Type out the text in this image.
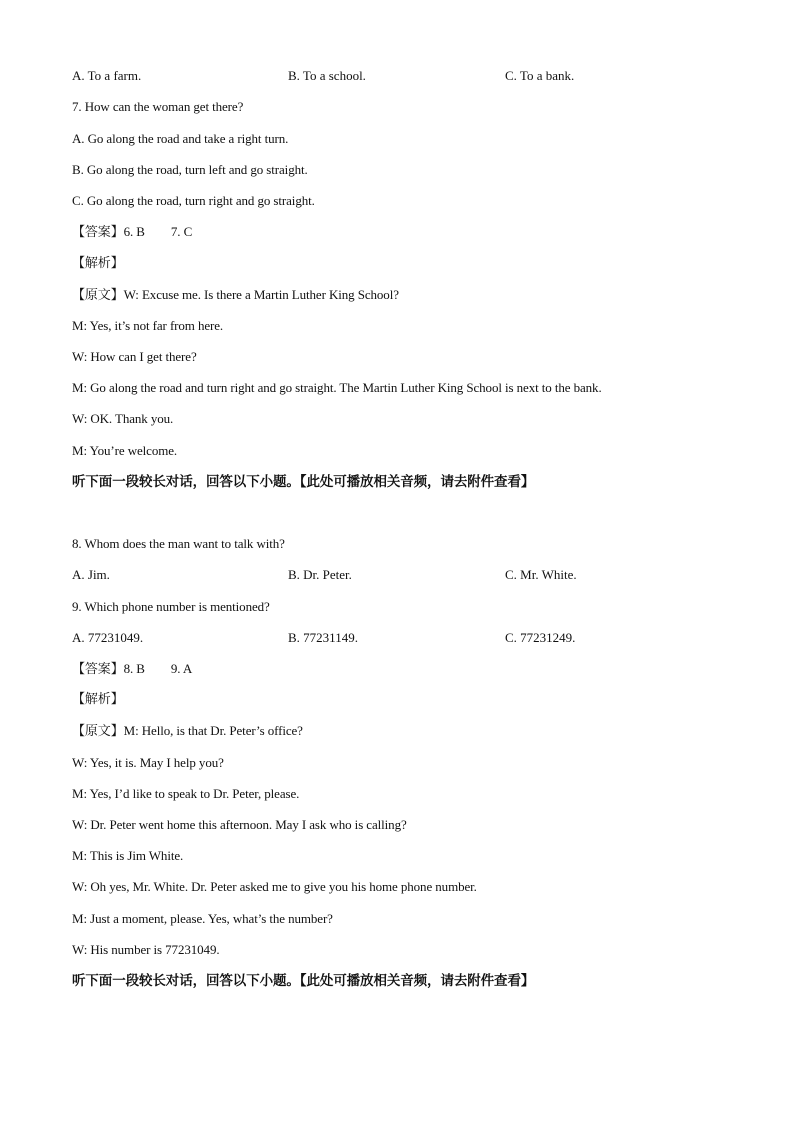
A. To a farm.	B. To a school.	C. To a bank.
7. How can the woman get there?
A. Go along the road and take a right turn.
B. Go along the road, turn left and go straight.
C. Go along the road, turn right and go straight.
【答案】6. B 7. C
【解析】
【原文】W: Excuse me. Is there a Martin Luther King School?
M: Yes, it’s not far from here.
W: How can I get there?
M: Go along the road and turn right and go straight. The Martin Luther King School is next to the bank.
W: OK. Thank you.
M: You’re welcome.
听下面一段较长对话，回答以下小题。【此处可播放相关音频，请去附件查看】
8. Whom does the man want to talk with?
A. Jim.	B. Dr. Peter.	C. Mr. White.
9. Which phone number is mentioned?
A. 77231049.	B. 77231149.	C. 77231249.
【答案】8. B 9. A
【解析】
【原文】M: Hello, is that Dr. Peter’s office?
W: Yes, it is. May I help you?
M: Yes, I’d like to speak to Dr. Peter, please.
W: Dr. Peter went home this afternoon. May I ask who is calling?
M: This is Jim White.
W: Oh yes, Mr. White. Dr. Peter asked me to give you his home phone number.
M: Just a moment, please. Yes, what’s the number?
W: His number is 77231049.
听下面一段较长对话，回答以下小题。【此处可播放相关音频，请去附件查看】
